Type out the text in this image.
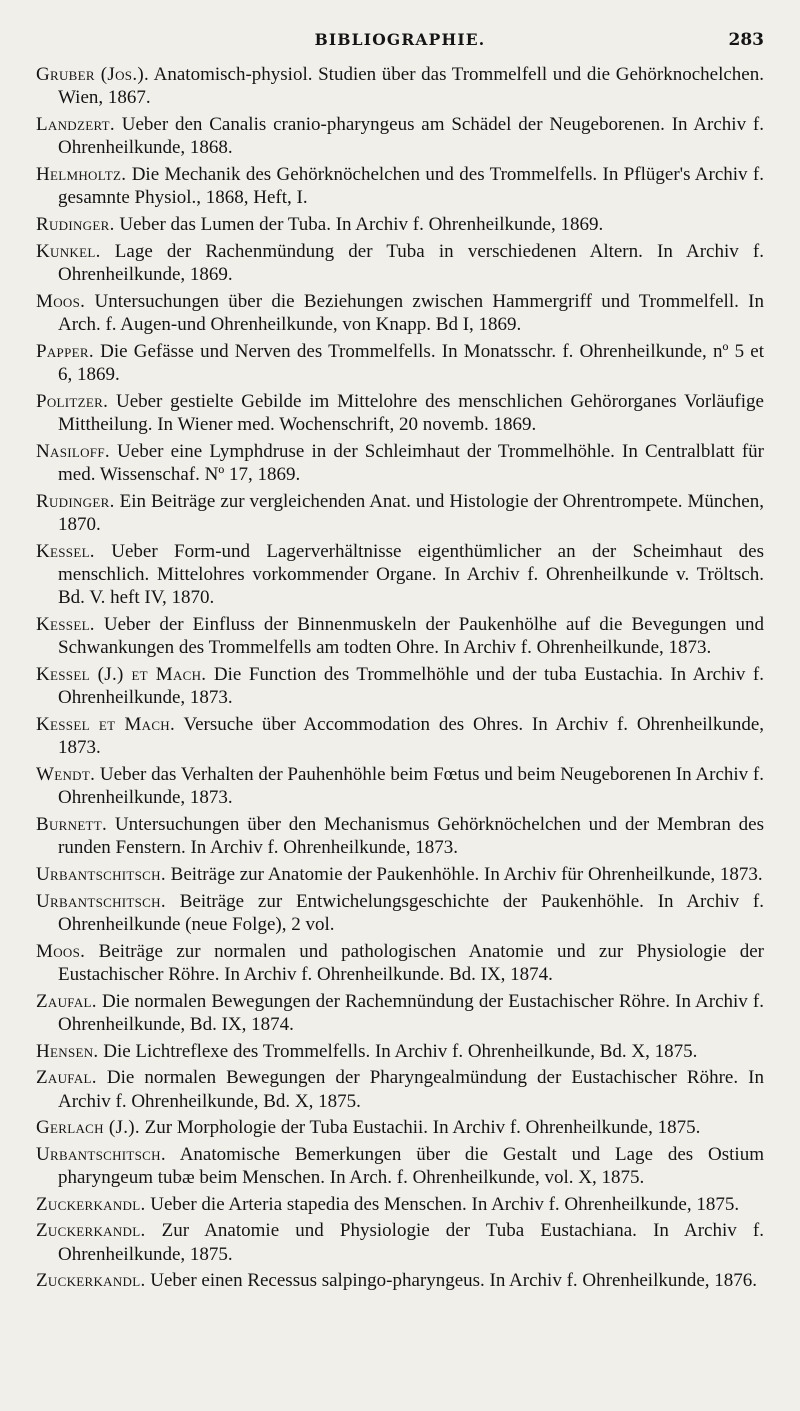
BIBLIOGRAPHIE.	283

Gruber (Jos.). Anatomisch-physiol. Studien über das Trommelfell und die Gehörknochelchen. Wien, 1867.

Landzert. Ueber den Canalis cranio-pharyngeus am Schädel der Neugeborenen. In Archiv f. Ohrenheilkunde, 1868.

Helmholtz. Die Mechanik des Gehörknöchelchen und des Trommelfells. In Pflüger's Archiv f. gesamnte Physiol., 1868, Heft, I.

Rudinger. Ueber das Lumen der Tuba. In Archiv f. Ohrenheilkunde, 1869.

Kunkel. Lage der Rachenmündung der Tuba in verschiedenen Altern. In Archiv f. Ohrenheilkunde, 1869.

Moos. Untersuchungen über die Beziehungen zwischen Hammergriff und Trommelfell. In Arch. f. Augen-und Ohrenheilkunde, von Knapp. Bd I, 1869.

Papper. Die Gefässe und Nerven des Trommelfells. In Monatsschr. f. Ohrenheilkunde, nº 5 et 6, 1869.

Politzer. Ueber gestielte Gebilde im Mittelohre des menschlichen Gehörorganes Vorläufige Mittheilung. In Wiener med. Wochenschrift, 20 novemb. 1869.

Nasiloff. Ueber eine Lymphdruse in der Schleimhaut der Trommelhöhle. In Centralblatt für med. Wissenschaf. Nº 17, 1869.

Rudinger. Ein Beiträge zur vergleichenden Anat. und Histologie der Ohrentrompete. München, 1870.

Kessel. Ueber Form-und Lagerverhältnisse eigenthümlicher an der Scheimhaut des menschlich. Mittelohres vorkommender Organe. In Archiv f. Ohrenheilkunde v. Tröltsch. Bd. V. heft IV, 1870.

Kessel. Ueber der Einfluss der Binnenmuskeln der Paukenhölhe auf die Bevegungen und Schwankungen des Trommelfells am todten Ohre. In Archiv f. Ohrenheilkunde, 1873.

Kessel (J.) et Mach. Die Function des Trommelhöhle und der tuba Eustachia. In Archiv f. Ohrenheilkunde, 1873.

Kessel et Mach. Versuche über Accommodation des Ohres. In Archiv f. Ohrenheilkunde, 1873.

Wendt. Ueber das Verhalten der Pauhenhöhle beim Fœtus und beim Neugeborenen In Archiv f. Ohrenheilkunde, 1873.

Burnett. Untersuchungen über den Mechanismus Gehörknöchelchen und der Membran des runden Fenstern. In Archiv f. Ohrenheilkunde, 1873.

Urbantschitsch. Beiträge zur Anatomie der Paukenhöhle. In Archiv für Ohrenheilkunde, 1873.

Urbantschitsch. Beiträge zur Entwichelungsgeschichte der Paukenhöhle. In Archiv f. Ohrenheilkunde (neue Folge), 2 vol.

Moos. Beiträge zur normalen und pathologischen Anatomie und zur Physiologie der Eustachischer Röhre. In Archiv f. Ohrenheilkunde. Bd. IX, 1874.

Zaufal. Die normalen Bewegungen der Rachemnündung der Eustachischer Röhre. In Archiv f. Ohrenheilkunde, Bd. IX, 1874.

Hensen. Die Lichtreflexe des Trommelfells. In Archiv f. Ohrenheilkunde, Bd. X, 1875.

Zaufal. Die normalen Bewegungen der Pharyngealmündung der Eustachischer Röhre. In Archiv f. Ohrenheilkunde, Bd. X, 1875.

Gerlach (J.). Zur Morphologie der Tuba Eustachii. In Archiv f. Ohrenheilkunde, 1875.

Urbantschitsch. Anatomische Bemerkungen über die Gestalt und Lage des Ostium pharyngeum tubæ beim Menschen. In Arch. f. Ohrenheilkunde, vol. X, 1875.

Zuckerkandl. Ueber die Arteria stapedia des Menschen. In Archiv f. Ohrenheilkunde, 1875.

Zuckerkandl. Zur Anatomie und Physiologie der Tuba Eustachiana. In Archiv f. Ohrenheilkunde, 1875.

Zuckerkandl. Ueber einen Recessus salpingo-pharyngeus. In Archiv f. Ohrenheilkunde, 1876.
